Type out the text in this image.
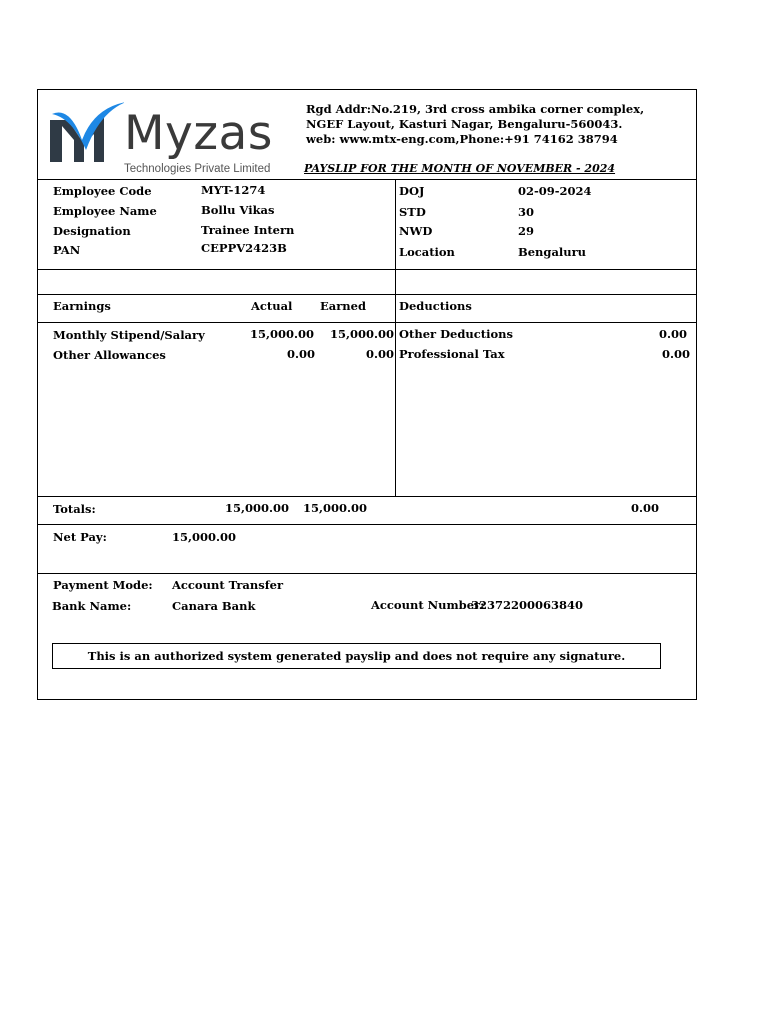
Myzas
Technologies Private Limited
Rgd Addr:No.219, 3rd cross ambika corner complex,
NGEF Layout, Kasturi Nagar, Bengaluru-560043.
web: www.mtx-eng.com,Phone:+91 74162 38794
PAYSLIP FOR THE MONTH OF NOVEMBER - 2024
Employee Code	MYT-1274
Employee Name	Bollu Vikas
Designation	Trainee Intern
PAN	CEPPV2423B
DOJ	02-09-2024
STD	30
NWD	29
Location	Bengaluru
Earnings	Actual Earned	Deductions
Monthly Stipend/Salary	15,000.00	15,000.00
Other Allowances	0.00	0.00
Other Deductions	0.00
Professional Tax	0.00
Totals:	15,000.00	15,000.00	0.00
Net Pay:	15,000.00
Payment Mode: Account Transfer
Bank Name:	Canara Bank	Account Number:
32372200063840
This is an authorized system generated payslip and does not require any signature.
